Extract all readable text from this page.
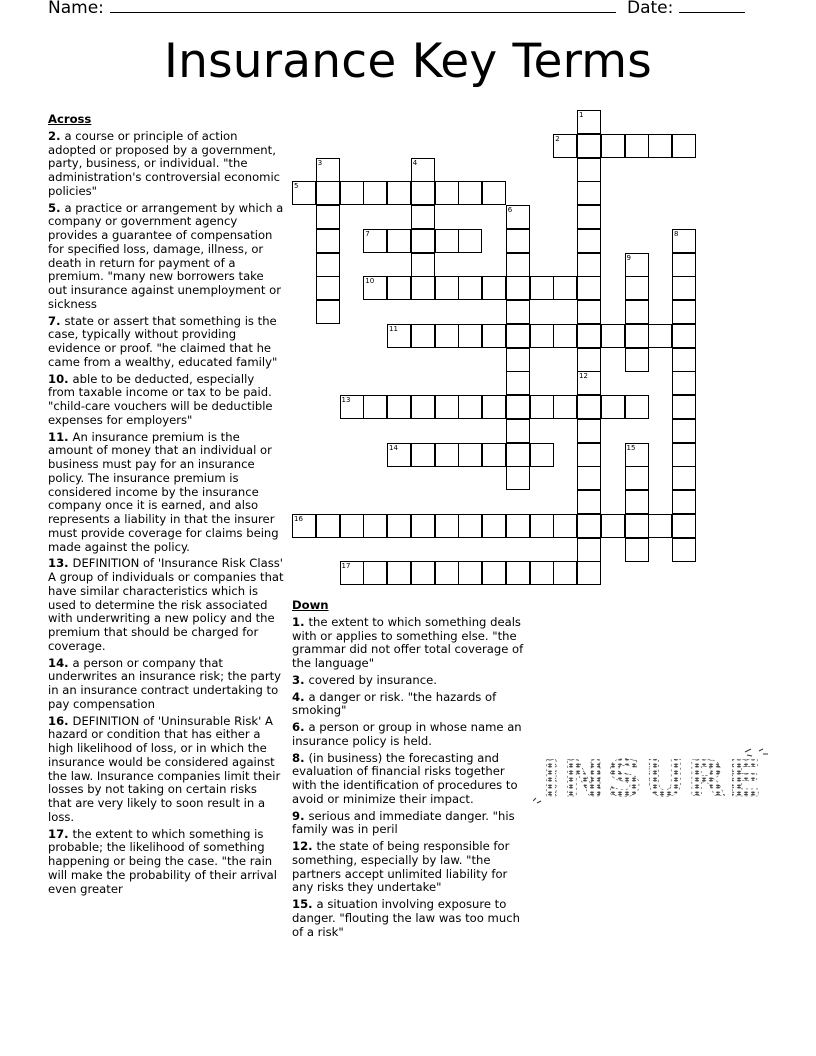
Name:	Date:
Insurance Key Terms
Across
2. a course or principle of action adopted or proposed by a government, party, business, or individual. "the administration's controversial economic policies"
5. a practice or arrangement by which a company or government agency provides a guarantee of compensation for specified loss, damage, illness, or death in return for payment of a premium. "many new borrowers take out insurance against unemployment or sickness
7. state or assert that something is the case, typically without providing evidence or proof. "he claimed that he came from a wealthy, educated family"
10. able to be deducted, especially from taxable income or tax to be paid. "child-care vouchers will be deductible expenses for employers"
11. An insurance premium is the amount of money that an individual or business must pay for an insurance policy. The insurance premium is considered income by the insurance company once it is earned, and also represents a liability in that the insurer must provide coverage for claims being made against the policy.
13. DEFINITION of 'Insurance Risk Class' A group of individuals or companies that have similar characteristics which is used to determine the risk associated with underwriting a new policy and the premium that should be charged for coverage.
14. a person or company that underwrites an insurance risk; the party in an insurance contract undertaking to pay compensation
16. DEFINITION of 'Uninsurable Risk' A hazard or condition that has either a high likelihood of loss, or in which the insurance would be considered against the law. Insurance companies limit their losses by not taking on certain risks that are very likely to soon result in a loss.
17. the extent to which something is probable; the likelihood of something happening or being the case. "the rain will make the probability of their arrival even greater
Down
1. the extent to which something deals with or applies to something else. "the grammar did not offer total coverage of the language"
3. covered by insurance.
4. a danger or risk. "the hazards of smoking"
6. a person or group in whose name an insurance policy is held.
8. (in business) the forecasting and evaluation of financial risks together with the identification of procedures to avoid or minimize their impact.
9. serious and immediate danger. "his family was in peril
12. the state of being responsible for something, especially by law. "the partners accept unlimited liability for any risks they undertake"
15. a situation involving exposure to danger. "flouting the law was too much of a risk"
1
12
2
3	4
5
6
7	8
9
10
11
13
14	15
16
17
INSURE
